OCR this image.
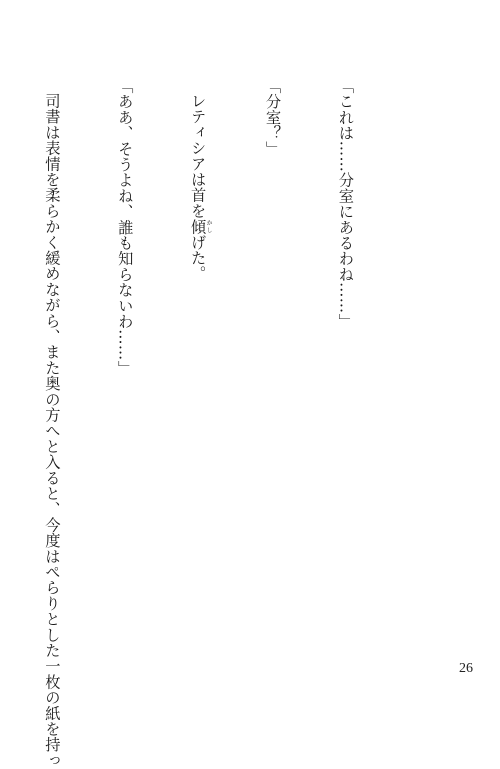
「これは……分室にあるわね……」

「分室？」

レティシアは首を傾かしげた。

「ああ、そうよね、誰も知らないわ……」

司書は表情を柔らかく緩めながら、また奥の方へと入ると、今度はぺらりとした一枚の紙を持っ

	26
